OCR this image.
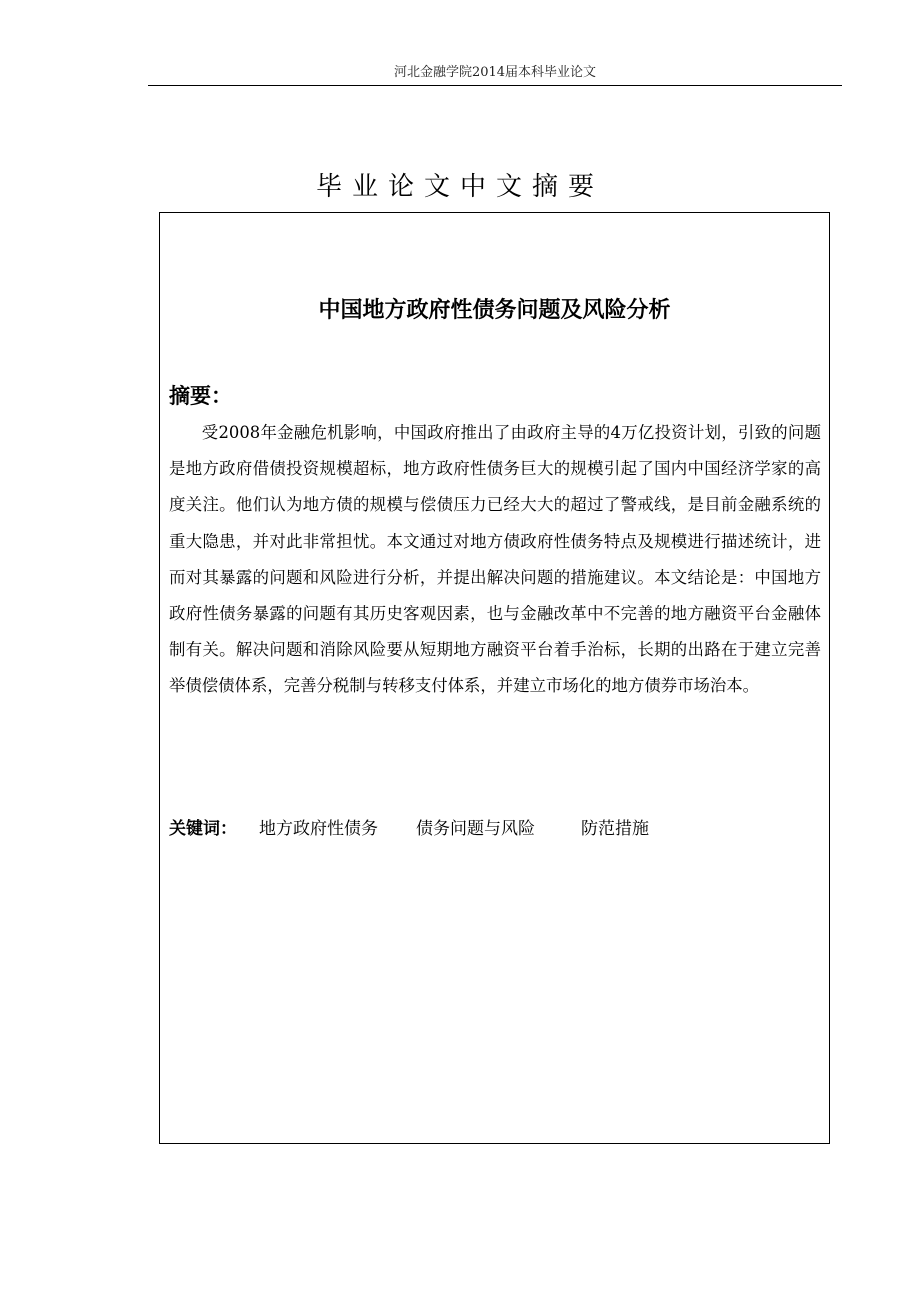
河北金融学院2014届本科毕业论文
毕业论文中文摘要
中国地方政府性债务问题及风险分析
摘要：
受2008年金融危机影响，中国政府推出了由政府主导的4万亿投资计划，引致的问题是地方政府借债投资规模超标，地方政府性债务巨大的规模引起了国内中国经济学家的高度关注。他们认为地方债的规模与偿债压力已经大大的超过了警戒线，是目前金融系统的重大隐患，并对此非常担忧。本文通过对地方债政府性债务特点及规模进行描述统计，进而对其暴露的问题和风险进行分析，并提出解决问题的措施建议。本文结论是：中国地方政府性债务暴露的问题有其历史客观因素，也与金融改革中不完善的地方融资平台金融体制有关。解决问题和消除风险要从短期地方融资平台着手治标，长期的出路在于建立完善举债偿债体系，完善分税制与转移支付体系，并建立市场化的地方债券市场治本。
关键词： 地方政府性债务 债务问题与风险	防范措施
